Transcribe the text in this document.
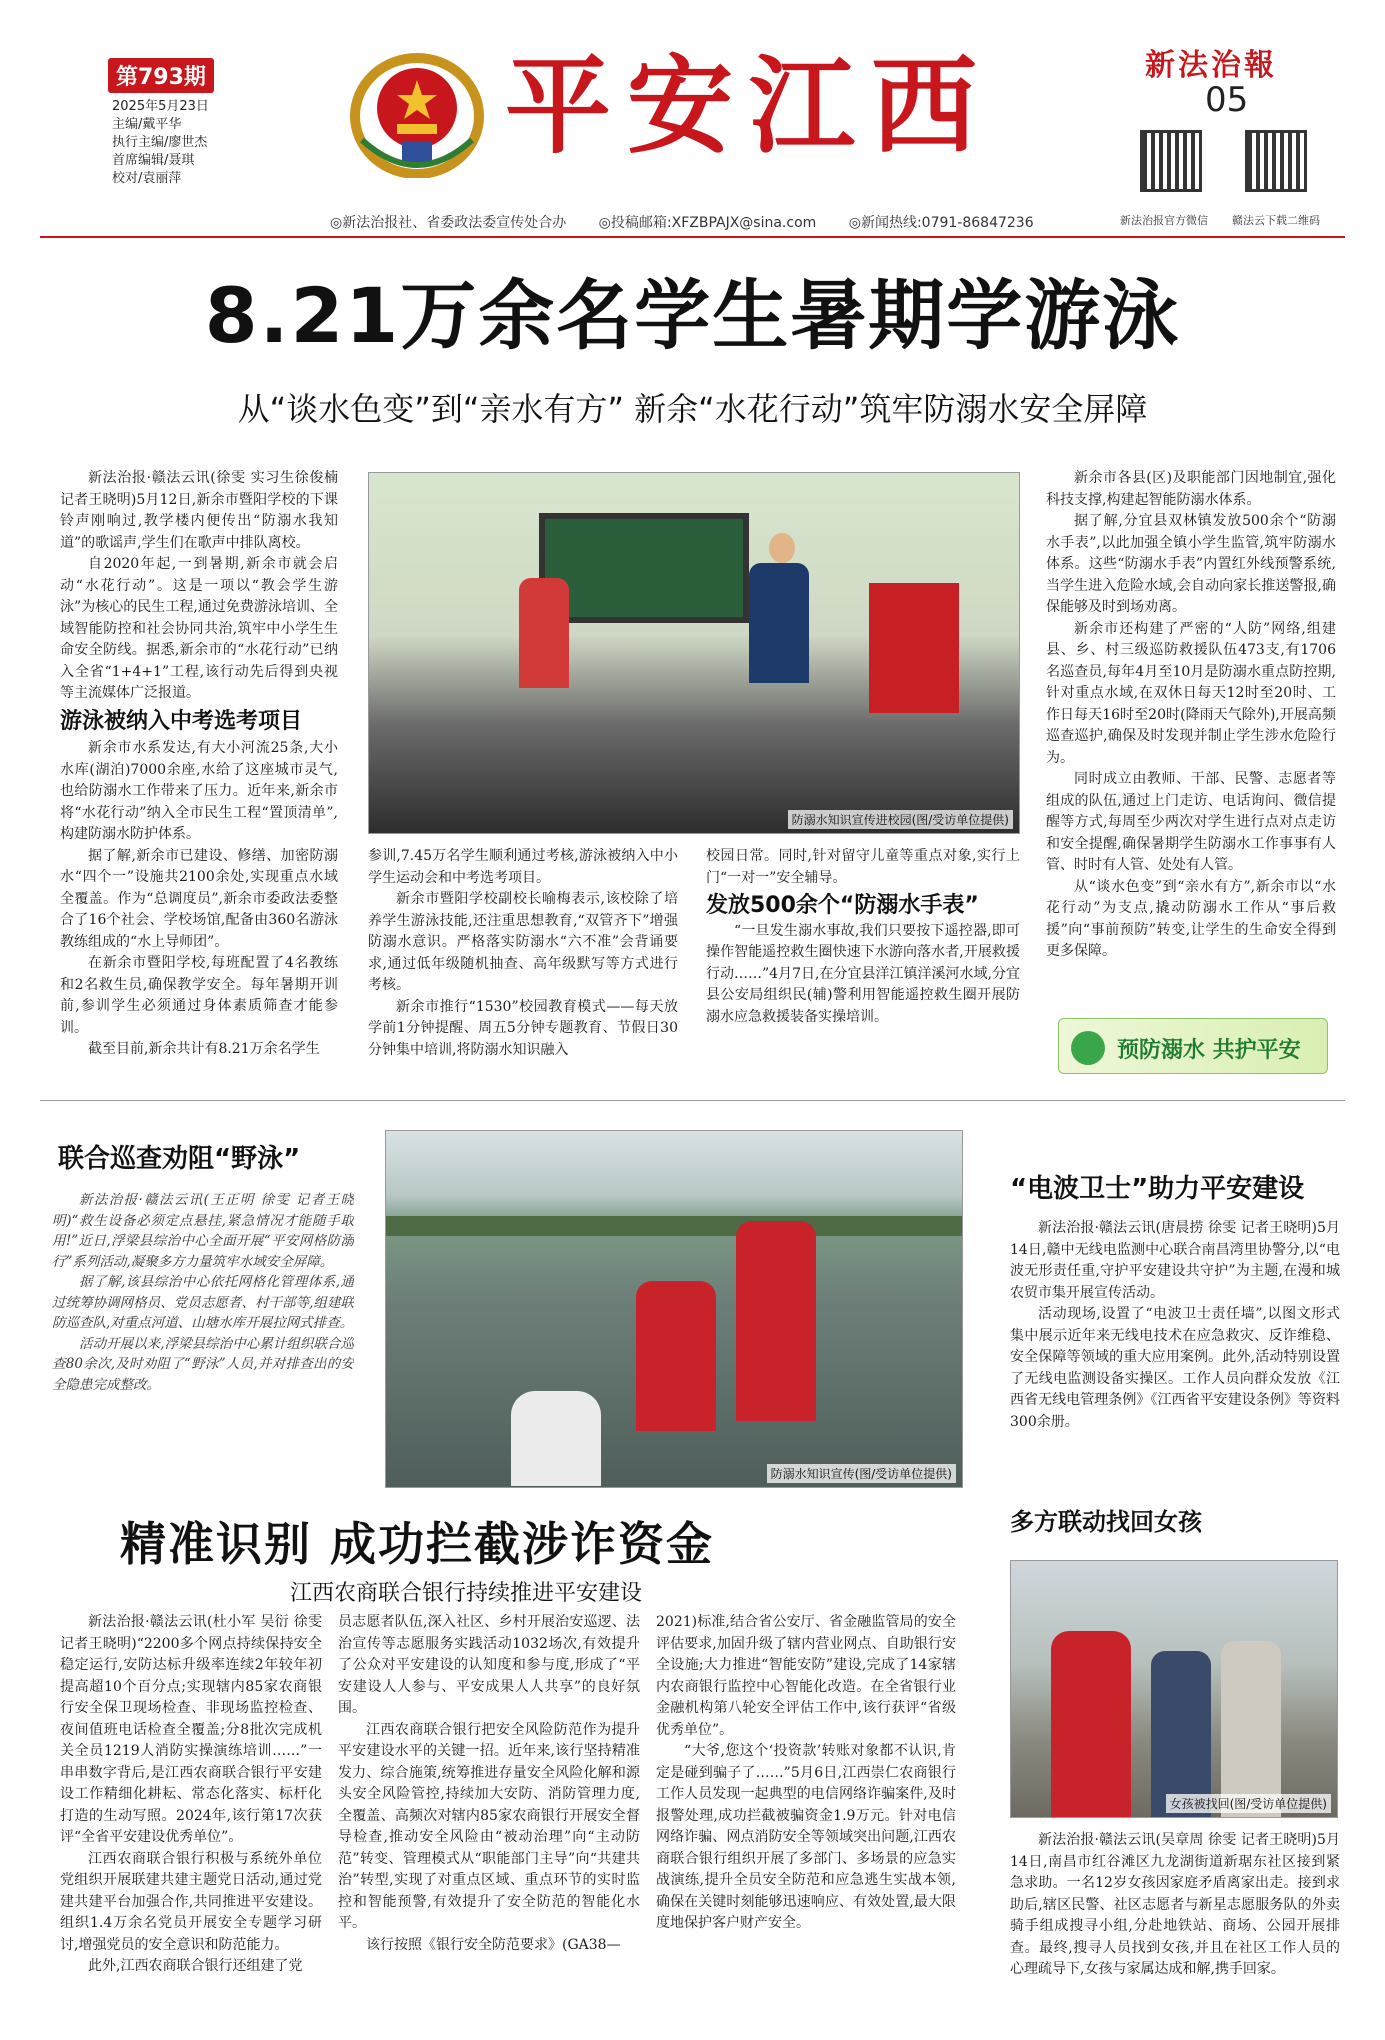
第793期
2025年5月23日
主编/戴平华
执行主编/廖世杰
首席编辑/聂琪
校对/袁丽萍
平安江西	新法治報
05
新法治报官方微信 赣法云下载二维码
◎新法治报社、省委政法委宣传处合办 ◎投稿邮箱:XFZBPAJX@sina.com ◎新闻热线:0791-86847236
8.21万余名学生暑期学游泳
从“谈水色变”到“亲水有方” 新余“水花行动”筑牢防溺水安全屏障

新法治报·赣法云讯(徐雯 实习生徐俊楠 记者王晓明)5月12日,新余市暨阳学校的下课铃声刚响过,教学楼内便传出“防溺水我知道”的歌谣声,学生们在歌声中排队离校。

自2020年起,一到暑期,新余市就会启动“水花行动”。这是一项以“教会学生游泳”为核心的民生工程,通过免费游泳培训、全域智能防控和社会协同共治,筑牢中小学生生命安全防线。据悉,新余市的“水花行动”已纳入全省“1+4+1”工程,该行动先后得到央视等主流媒体广泛报道。

游泳被纳入中考选考项目

新余市水系发达,有大小河流25条,大小水库(湖泊)7000余座,水给了这座城市灵气,也给防溺水工作带来了压力。近年来,新余市将“水花行动”纳入全市民生工程“置顶清单”,构建防溺水防护体系。

据了解,新余市已建设、修缮、加密防溺水“四个一”设施共2100余处,实现重点水域全覆盖。作为“总调度员”,新余市委政法委整合了16个社会、学校场馆,配备由360名游泳教练组成的“水上导师团”。

在新余市暨阳学校,每班配置了4名教练和2名救生员,确保教学安全。每年暑期开训前,参训学生必须通过身体素质筛查才能参训。

截至目前,新余共计有8.21万余名学生

防溺水知识宣传进校园(图/受访单位提供)

参训,7.45万名学生顺利通过考核,游泳被纳入中小学生运动会和中考选考项目。

新余市暨阳学校副校长喻梅表示,该校除了培养学生游泳技能,还注重思想教育,“双管齐下”增强防溺水意识。严格落实防溺水“六不准”会背诵要求,通过低年级随机抽查、高年级默写等方式进行考核。

新余市推行“1530”校园教育模式——每天放学前1分钟提醒、周五5分钟专题教育、节假日30分钟集中培训,将防溺水知识融入

校园日常。同时,针对留守儿童等重点对象,实行上门“一对一”安全辅导。

发放500余个“防溺水手表”

“一旦发生溺水事故,我们只要按下遥控器,即可操作智能遥控救生圈快速下水游向落水者,开展救援行动……”4月7日,在分宜县洋江镇洋溪河水域,分宜县公安局组织民(辅)警利用智能遥控救生圈开展防溺水应急救援装备实操培训。

新余市各县(区)及职能部门因地制宜,强化科技支撑,构建起智能防溺水体系。

据了解,分宜县双林镇发放500余个“防溺水手表”,以此加强全镇小学生监管,筑牢防溺水体系。这些“防溺水手表”内置红外线预警系统,当学生进入危险水域,会自动向家长推送警报,确保能够及时到场劝离。

新余市还构建了严密的“人防”网络,组建县、乡、村三级巡防救援队伍473支,有1706名巡查员,每年4月至10月是防溺水重点防控期,针对重点水域,在双休日每天12时至20时、工作日每天16时至20时(降雨天气除外),开展高频巡查巡护,确保及时发现并制止学生涉水危险行为。

同时成立由教师、干部、民警、志愿者等组成的队伍,通过上门走访、电话询问、微信提醒等方式,每周至少两次对学生进行点对点走访和安全提醒,确保暑期学生防溺水工作事事有人管、时时有人管、处处有人管。

从“谈水色变”到“亲水有方”,新余市以“水花行动”为支点,撬动防溺水工作从“事后救援”向“事前预防”转变,让学生的生命安全得到更多保障。

预防溺水 共护平安
联合巡查劝阻“野泳”

新法治报·赣法云讯(王正明 徐雯 记者王晓明)“救生设备必须定点悬挂,紧急情况才能随手取用!”近日,浮梁县综治中心全面开展“平安网格防溺行”系列活动,凝聚多方力量筑牢水域安全屏障。

据了解,该县综治中心依托网格化管理体系,通过统筹协调网格员、党员志愿者、村干部等,组建联防巡查队,对重点河道、山塘水库开展拉网式排查。

活动开展以来,浮梁县综治中心累计组织联合巡查80余次,及时劝阻了“野泳”人员,并对排查出的安全隐患完成整改。

防溺水知识宣传(图/受访单位提供)
“电波卫士”助力平安建设

新法治报·赣法云讯(唐晨捞 徐雯 记者王晓明)5月14日,赣中无线电监测中心联合南昌湾里协警分,以“电波无形责任重,守护平安建设共守护”为主题,在漫和城农贸市集开展宣传活动。

活动现场,设置了“电波卫士责任墙”,以图文形式集中展示近年来无线电技术在应急救灾、反诈维稳、安全保障等领域的重大应用案例。此外,活动特别设置了无线电监测设备实操区。工作人员向群众发放《江西省无线电管理条例》《江西省平安建设条例》等资料300余册。

精准识别 成功拦截涉诈资金
江西农商联合银行持续推进平安建设

新法治报·赣法云讯(杜小军 吴衍 徐雯 记者王晓明)“2200多个网点持续保持安全稳定运行,安防达标升级率连续2年较年初提高超10个百分点;实现辖内85家农商银行安全保卫现场检查、非现场监控检查、夜间值班电话检查全覆盖;分8批次完成机关全员1219人消防实操演练培训……”一串串数字背后,是江西农商联合银行平安建设工作精细化耕耘、常态化落实、标杆化打造的生动写照。2024年,该行第17次获评“全省平安建设优秀单位”。

江西农商联合银行积极与系统外单位党组织开展联建共建主题党日活动,通过党建共建平台加强合作,共同推进平安建设。组织1.4万余名党员开展安全专题学习研讨,增强党员的安全意识和防范能力。

此外,江西农商联合银行还组建了党

员志愿者队伍,深入社区、乡村开展治安巡逻、法治宣传等志愿服务实践活动1032场次,有效提升了公众对平安建设的认知度和参与度,形成了“平安建设人人参与、平安成果人人共享”的良好氛围。

江西农商联合银行把安全风险防范作为提升平安建设水平的关键一招。近年来,该行坚持精准发力、综合施策,统筹推进存量安全风险化解和源头安全风险管控,持续加大安防、消防管理力度,全覆盖、高频次对辖内85家农商银行开展安全督导检查,推动安全风险由“被动治理”向“主动防范”转变、管理模式从“职能部门主导”向“共建共治”转型,实现了对重点区域、重点环节的实时监控和智能预警,有效提升了安全防范的智能化水平。

该行按照《银行安全防范要求》(GA38—

2021)标准,结合省公安厅、省金融监管局的安全评估要求,加固升级了辖内营业网点、自助银行安全设施;大力推进“智能安防”建设,完成了14家辖内农商银行监控中心智能化改造。在全省银行业金融机构第八轮安全评估工作中,该行获评“省级优秀单位”。

“大爷,您这个‘投资款’转账对象都不认识,肯定是碰到骗子了……”5月6日,江西崇仁农商银行工作人员发现一起典型的电信网络诈骗案件,及时报警处理,成功拦截被骗资金1.9万元。针对电信网络诈骗、网点消防安全等领域突出问题,江西农商联合银行组织开展了多部门、多场景的应急实战演练,提升全员安全防范和应急逃生实战本领,确保在关键时刻能够迅速响应、有效处置,最大限度地保护客户财产安全。

多方联动找回女孩
女孩被找回(图/受访单位提供)

新法治报·赣法云讯(吴章周 徐雯 记者王晓明)5月14日,南昌市红谷滩区九龙湖街道新琚东社区接到紧急求助。一名12岁女孩因家庭矛盾离家出走。接到求助后,辖区民警、社区志愿者与新星志愿服务队的外卖骑手组成搜寻小组,分赴地铁站、商场、公园开展排查。最终,搜寻人员找到女孩,并且在社区工作人员的心理疏导下,女孩与家属达成和解,携手回家。
